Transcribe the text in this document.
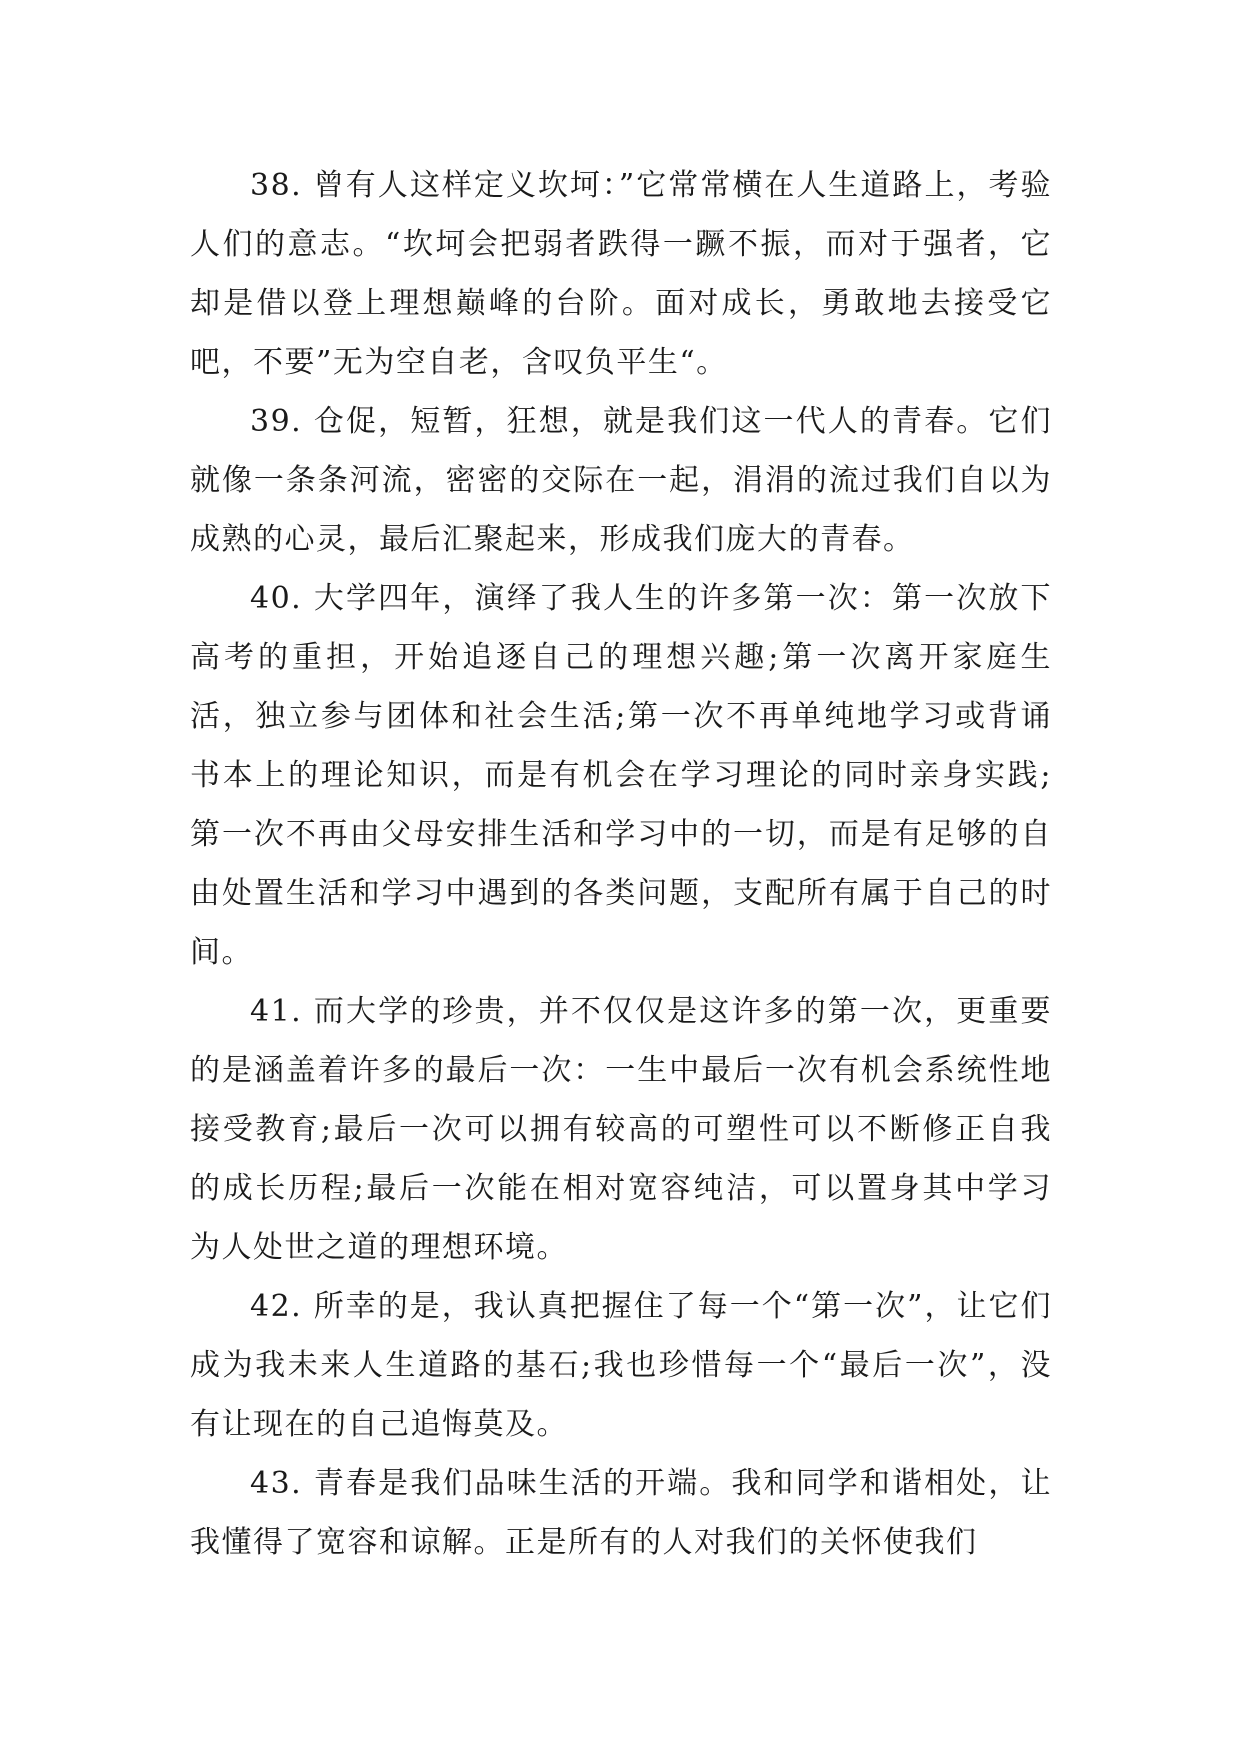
38. 曾有人这样定义坎坷：”它常常横在人生道路上，考验人们的意志。“坎坷会把弱者跌得一蹶不振，而对于强者，它却是借以登上理想巅峰的台阶。面对成长，勇敢地去接受它吧，不要”无为空自老，含叹负平生“。

39. 仓促，短暂，狂想，就是我们这一代人的青春。它们就像一条条河流，密密的交际在一起，涓涓的流过我们自以为成熟的心灵，最后汇聚起来，形成我们庞大的青春。

40. 大学四年，演绎了我人生的许多第一次：第一次放下高考的重担，开始追逐自己的理想兴趣;第一次离开家庭生活，独立参与团体和社会生活;第一次不再单纯地学习或背诵书本上的理论知识，而是有机会在学习理论的同时亲身实践;第一次不再由父母安排生活和学习中的一切，而是有足够的自由处置生活和学习中遇到的各类问题，支配所有属于自己的时间。

41. 而大学的珍贵，并不仅仅是这许多的第一次，更重要的是涵盖着许多的最后一次：一生中最后一次有机会系统性地接受教育;最后一次可以拥有较高的可塑性可以不断修正自我的成长历程;最后一次能在相对宽容纯洁，可以置身其中学习为人处世之道的理想环境。

42. 所幸的是，我认真把握住了每一个“第一次”，让它们成为我未来人生道路的基石;我也珍惜每一个“最后一次”，没有让现在的自己追悔莫及。

43. 青春是我们品味生活的开端。我和同学和谐相处，让我懂得了宽容和谅解。正是所有的人对我们的关怀使我们
